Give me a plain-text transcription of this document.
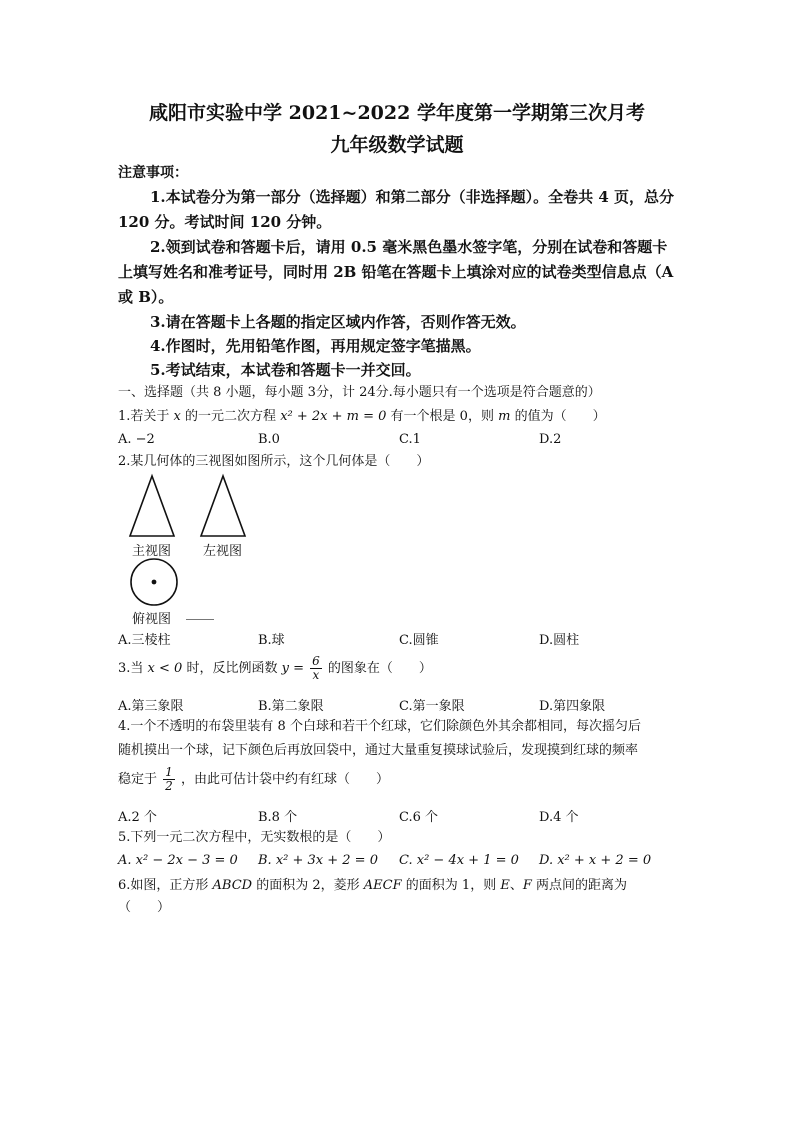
咸阳市实验中学 2021~2022 学年度第一学期第三次月考
九年级数学试题
注意事项：
1.本试卷分为第一部分（选择题）和第二部分（非选择题）。全卷共 4 页，总分 120 分。考试时间 120 分钟。
2.领到试卷和答题卡后，请用 0.5 毫米黑色墨水签字笔，分别在试卷和答题卡上填写姓名和准考证号，同时用 2B 铅笔在答题卡上填涂对应的试卷类型信息点（A 或 B）。
3.请在答题卡上各题的指定区域内作答，否则作答无效。
4.作图时，先用铅笔作图，再用规定签字笔描黑。
5.考试结束，本试卷和答题卡一并交回。
一、选择题（共 8 小题，每小题 3分，计 24分.每小题只有一个选项是符合题意的）
1.若关于 x 的一元二次方程 x² + 2x + m = 0 有一个根是 0，则 m 的值为（　　）
A. −2	B.0	C.1	D.2
2.某几何体的三视图如图所示，这个几何体是（　　）
主视图 左视图
俯视图
A.三棱柱	B.球	C.圆锥	D.圆柱
3.当 x < 0 时，反比例函数 $y = \frac{6}{x}$ 的图象在（　　）
A.第三象限	B.第二象限	C.第一象限	D.第四象限
4.一个不透明的布袋里装有 8 个白球和若干个红球，它们除颜色外其余都相同，每次摇匀后
随机摸出一个球，记下颜色后再放回袋中，通过大量重复摸球试验后，发现摸到红球的频率
稳定于 $\frac{1}{2}$ ，由此可估计袋中约有红球（　　）
A.2 个	B.8 个	C.6 个	D.4 个
5.下列一元二次方程中，无实数根的是（　　）
A. x² − 2x − 3 = 0 B. x² + 3x + 2 = 0 C. x² − 4x + 1 = 0 D. x² + x + 2 = 0
6.如图，正方形 ABCD 的面积为 2，菱形 AECF 的面积为 1，则 E、F 两点间的距离为
（　　）
